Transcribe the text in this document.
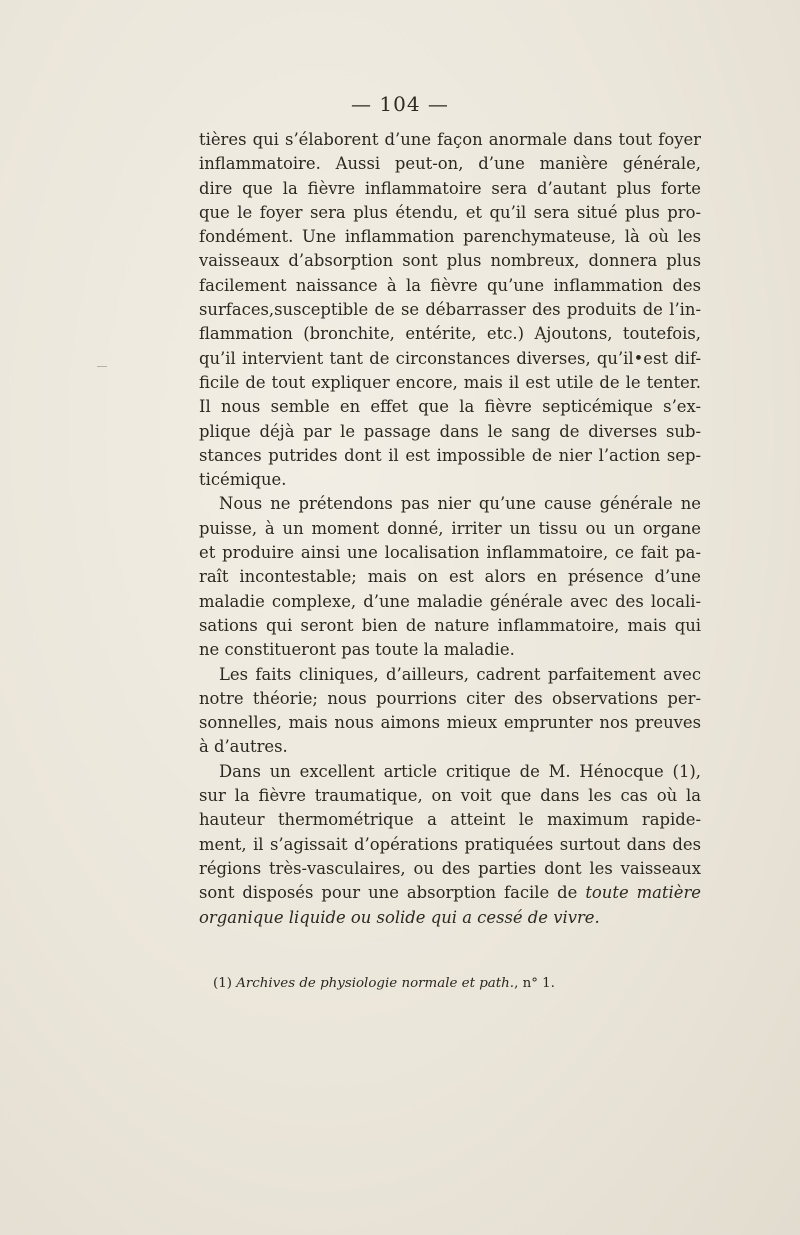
— 104 —
tières qui s’élaborent d’une façon anormale dans tout foyer
inflammatoire. Aussi peut-on, d’une manière générale,
dire que la fièvre inflammatoire sera d’autant plus forte
que le foyer sera plus étendu, et qu’il sera situé plus pro-
fondément. Une inflammation parenchymateuse, là où les
vaisseaux d’absorption sont plus nombreux, donnera plus
facilement naissance à la fièvre qu’une inflammation des
surfaces,susceptible de se débarrasser des produits de l’in-
flammation (bronchite, entérite, etc.) Ajoutons, toutefois,
qu’il intervient tant de circonstances diverses, qu’il•est dif-
ficile de tout expliquer encore, mais il est utile de le tenter.
Il nous semble en effet que la fièvre septicémique s’ex-
plique déjà par le passage dans le sang de diverses sub-
stances putrides dont il est impossible de nier l’action sep-
ticémique.
Nous ne prétendons pas nier qu’une cause générale ne
puisse, à un moment donné, irriter un tissu ou un organe
et produire ainsi une localisation inflammatoire, ce fait pa-
raît incontestable; mais on est alors en présence d’une
maladie complexe, d’une maladie générale avec des locali-
sations qui seront bien de nature inflammatoire, mais qui
ne constitueront pas toute la maladie.
Les faits cliniques, d’ailleurs, cadrent parfaitement avec
notre théorie; nous pourrions citer des observations per-
sonnelles, mais nous aimons mieux emprunter nos preuves
à d’autres.
Dans un excellent article critique de M. Hénocque (1),
sur la fièvre traumatique, on voit que dans les cas où la
hauteur thermométrique a atteint le maximum rapide-
ment, il s’agissait d’opérations pratiquées surtout dans des
régions très-vasculaires, ou des parties dont les vaisseaux
sont disposés pour une absorption facile de toute matière
organique liquide ou solide qui a cessé de vivre.
(1) Archives de physiologie normale et path., n° 1.
